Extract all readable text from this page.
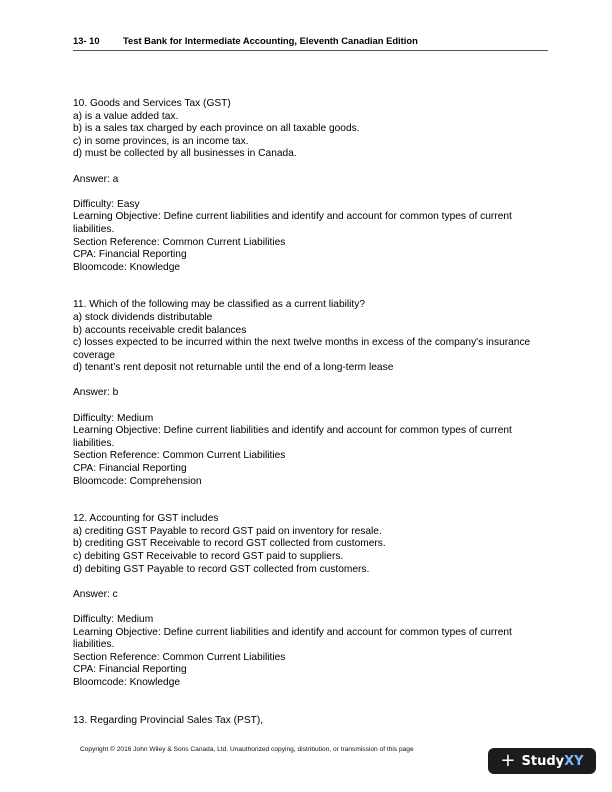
13- 10 Test Bank for Intermediate Accounting, Eleventh Canadian Edition
10. Goods and Services Tax (GST)
a) is a value added tax.
b) is a sales tax charged by each province on all taxable goods.
c) in some provinces, is an income tax.
d) must be collected by all businesses in Canada.
Answer: a
Difficulty: Easy
Learning Objective: Define current liabilities and identify and account for common types of current liabilities.
Section Reference: Common Current Liabilities
CPA: Financial Reporting
Bloomcode: Knowledge
11. Which of the following may be classified as a current liability?
a) stock dividends distributable
b) accounts receivable credit balances
c) losses expected to be incurred within the next twelve months in excess of the company's insurance coverage
d) tenant’s rent deposit not returnable until the end of a long-term lease
Answer: b
Difficulty: Medium
Learning Objective: Define current liabilities and identify and account for common types of current liabilities.
Section Reference: Common Current Liabilities
CPA: Financial Reporting
Bloomcode: Comprehension
12. Accounting for GST includes
a) crediting GST Payable to record GST paid on inventory for resale.
b) crediting GST Receivable to record GST collected from customers.
c) debiting GST Receivable to record GST paid to suppliers.
d) debiting GST Payable to record GST collected from customers.
Answer: c
Difficulty: Medium
Learning Objective: Define current liabilities and identify and account for common types of current liabilities.
Section Reference: Common Current Liabilities
CPA: Financial Reporting
Bloomcode: Knowledge
13. Regarding Provincial Sales Tax (PST),
Copyright © 2016 John Wiley & Sons Canada, Ltd. Unauthorized copying, distribution, or transmission of this page
+ Study XY
